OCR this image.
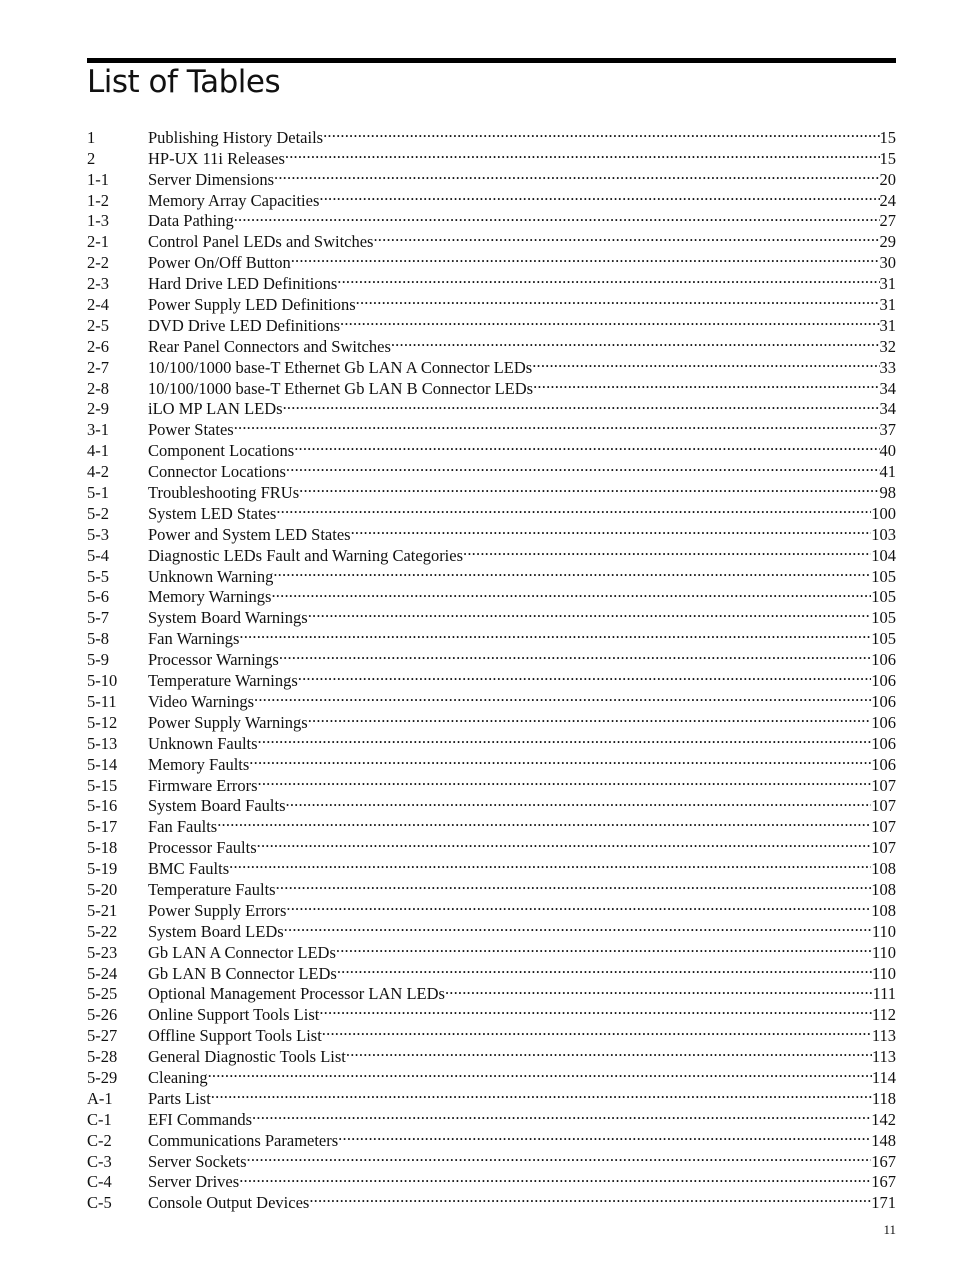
List of Tables
1	Publishing History Details .....	15
2	HP-UX 11i Releases .....	15
1-1	Server Dimensions .....	20
1-2	Memory Array Capacities .....	24
1-3	Data Pathing .....	27
2-1	Control Panel LEDs and Switches .....	29
2-2	Power On/Off Button .....	30
2-3	Hard Drive LED Definitions .....	31
2-4	Power Supply LED Definitions .....	31
2-5	DVD Drive LED Definitions .....	31
2-6	Rear Panel Connectors and Switches .....	32
2-7	10/100/1000 base-T Ethernet Gb LAN A Connector LEDs .....	33
2-8	10/100/1000 base-T Ethernet Gb LAN B Connector LEDs .....	34
2-9	iLO MP LAN LEDs .....	34
3-1	Power States .....	37
4-1	Component Locations .....	40
4-2	Connector Locations .....	41
5-1	Troubleshooting FRUs .....	98
5-2	System LED States .....	100
5-3	Power and System LED States .....	103
5-4	Diagnostic LEDs Fault and Warning Categories .....	104
5-5	Unknown Warning .....	105
5-6	Memory Warnings .....	105
5-7	System Board Warnings .....	105
5-8	Fan Warnings .....	105
5-9	Processor Warnings .....	106
5-10	Temperature Warnings .....	106
5-11	Video Warnings .....	106
5-12	Power Supply Warnings .....	106
5-13	Unknown Faults .....	106
5-14	Memory Faults .....	106
5-15	Firmware Errors .....	107
5-16	System Board Faults .....	107
5-17	Fan Faults .....	107
5-18	Processor Faults .....	107
5-19	BMC Faults .....	108
5-20	Temperature Faults .....	108
5-21	Power Supply Errors .....	108
5-22	System Board LEDs .....	110
5-23	Gb LAN A Connector LEDs .....	110
5-24	Gb LAN B Connector LEDs .....	110
5-25	Optional Management Processor LAN LEDs .....	111
5-26	Online Support Tools List .....	112
5-27	Offline Support Tools List .....	113
5-28	General Diagnostic Tools List .....	113
5-29	Cleaning .....	114
A-1	Parts List .....	118
C-1	EFI Commands .....	142
C-2	Communications Parameters .....	148
C-3	Server Sockets .....	167
C-4	Server Drives .....	167
C-5	Console Output Devices .....	171
11
